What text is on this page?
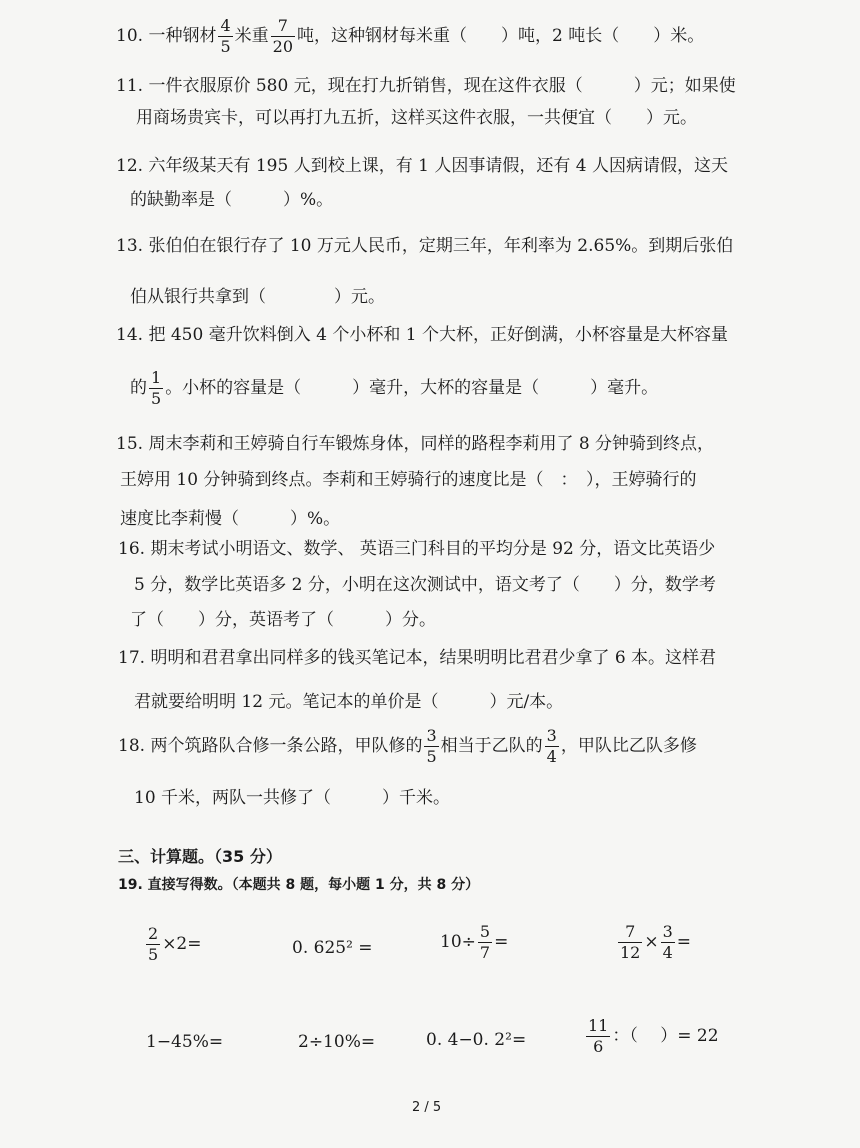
10. 一种钢材 $\frac{4}{5}$ 米重 $\frac{7}{20}$ 吨，这种钢材每米重（　　）吨，2 吨长（　　）米。
11. 一件衣服原价 580 元，现在打九折销售，现在这件衣服（　　　）元；如果使
用商场贵宾卡，可以再打九五折，这样买这件衣服，一共便宜（　　）元。
12. 六年级某天有 195 人到校上课，有 1 人因事请假，还有 4 人因病请假，这天
的缺勤率是（　　　）%。
13. 张伯伯在银行存了 10 万元人民币，定期三年，年利率为 2.65%。到期后张伯
伯从银行共拿到（　　　　）元。
14. 把 450 毫升饮料倒入 4 个小杯和 1 个大杯，正好倒满，小杯容量是大杯容量
的 $\frac{1}{5}$ 。小杯的容量是（　　　）毫升，大杯的容量是（　　　）毫升。
15. 周末李莉和王婷骑自行车锻炼身体，同样的路程李莉用了 8 分钟骑到终点，
王婷用 10 分钟骑到终点。李莉和王婷骑行的速度比是（　：　），王婷骑行的
速度比李莉慢（　　　）%。
16. 期末考试小明语文、数学、 英语三门科目的平均分是 92 分，语文比英语少
5 分，数学比英语多 2 分，小明在这次测试中，语文考了（　　）分，数学考
了（　　）分，英语考了（　　　）分。
17. 明明和君君拿出同样多的钱买笔记本，结果明明比君君少拿了 6 本。这样君
君就要给明明 12 元。笔记本的单价是（　　　）元/本。
18. 两个筑路队合修一条公路，甲队修的 $\frac{3}{5}$ 相当于乙队的 $\frac{3}{4}$ ，甲队比乙队多修
10 千米，两队一共修了（　　　）千米。
三、计算题。（35 分）
19. 直接写得数。（本题共 8 题，每小题 1 分，共 8 分）
$\frac{2}{5} \times 2=$	0. 625² =	$10\div \frac{5}{7}$ =	$\frac{7}{12} \times \frac{3}{4}$ =
1−45%=	2÷10%=	0. 4−0. 2²=	$\frac{11}{6}$ ：（　 ）= 22
2 / 5
